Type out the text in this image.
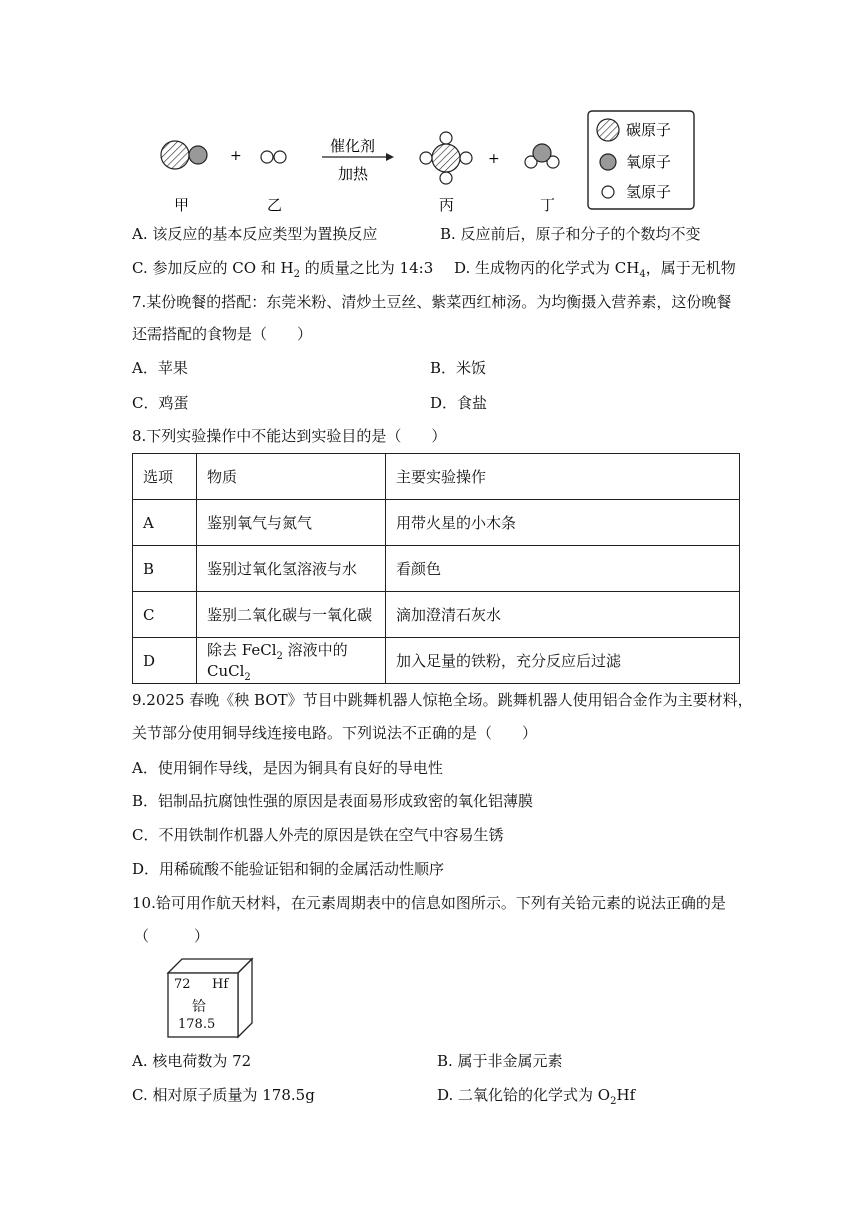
+
催化剂
加热
+
甲	乙	丙	丁
碳原子
氧原子
氢原子
A. 该反应的基本反应类型为置换反应	B. 反应前后，原子和分子的个数均不变
C. 参加反应的 CO 和 $H_2$ 的质量之比为 14:3 D. 生成物丙的化学式为 $CH_4$，属于无机物
7.某份晚餐的搭配：东莞米粉、清炒土豆丝、紫菜西红柿汤。为均衡摄入营养素，这份晚餐
还需搭配的食物是（　　）
A．苹果	B．米饭
C．鸡蛋	D．食盐
8.下列实验操作中不能达到实验目的是（　　）
选项	物质	主要实验操作
A	鉴别氧气与氮气	用带火星的小木条
B	鉴别过氧化氢溶液与水	看颜色
C	鉴别二氧化碳与一氧化碳	滴加澄清石灰水
D	除去 FeCl$_2$ 溶液中的 CuCl$_2$	加入足量的铁粉，充分反应后过滤
9.2025 春晚《秧 BOT》节目中跳舞机器人惊艳全场。跳舞机器人使用铝合金作为主要材料，
关节部分使用铜导线连接电路。下列说法不正确的是（　　）
A．使用铜作导线，是因为铜具有良好的导电性
B．铝制品抗腐蚀性强的原因是表面易形成致密的氧化铝薄膜
C．不用铁制作机器人外壳的原因是铁在空气中容易生锈
D．用稀硫酸不能验证铝和铜的金属活动性顺序
10.铪可用作航天材料，在元素周期表中的信息如图所示。下列有关铪元素的说法正确的是
（　　　）
72 Hf
铪
178.5
A. 核电荷数为 72	B. 属于非金属元素
C. 相对原子质量为 178.5g	D. 二氧化铪的化学式为 $O_2Hf$
